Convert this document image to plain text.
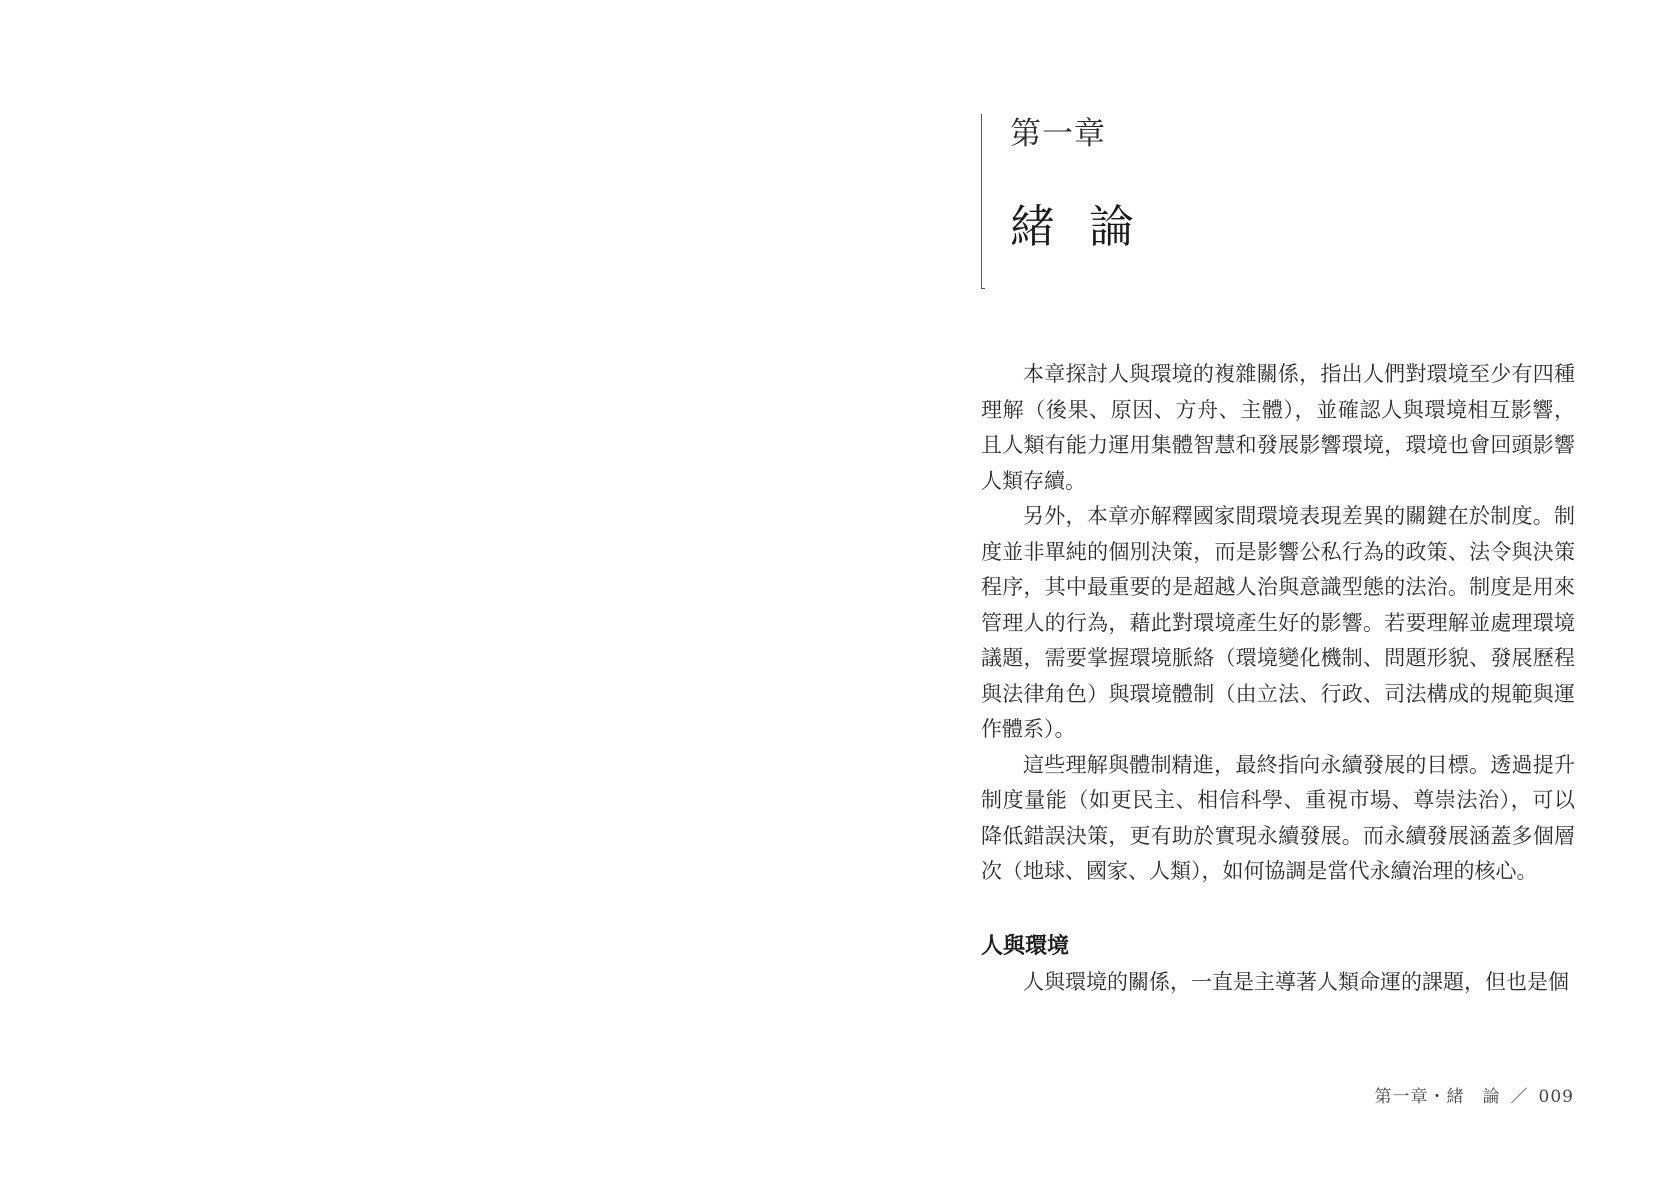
第一章
緒論

本章探討人與環境的複雜關係，指出人們對環境至少有四種理解（後果、原因、方舟、主體），並確認人與環境相互影響，且人類有能力運用集體智慧和發展影響環境，環境也會回頭影響人類存續。

另外，本章亦解釋國家間環境表現差異的關鍵在於制度。制度並非單純的個別決策，而是影響公私行為的政策、法令與決策程序，其中最重要的是超越人治與意識型態的法治。制度是用來管理人的行為，藉此對環境產生好的影響。若要理解並處理環境議題，需要掌握環境脈絡（環境變化機制、問題形貌、發展歷程與法律角色）與環境體制（由立法、行政、司法構成的規範與運作體系）。

這些理解與體制精進，最終指向永續發展的目標。透過提升制度量能（如更民主、相信科學、重視市場、尊崇法治），可以降低錯誤決策，更有助於實現永續發展。而永續發展涵蓋多個層次（地球、國家、人類），如何協調是當代永續治理的核心。

人與環境

人與環境的關係，一直是主導著人類命運的課題，但也是個

第一章・緒　論 ／ 009
